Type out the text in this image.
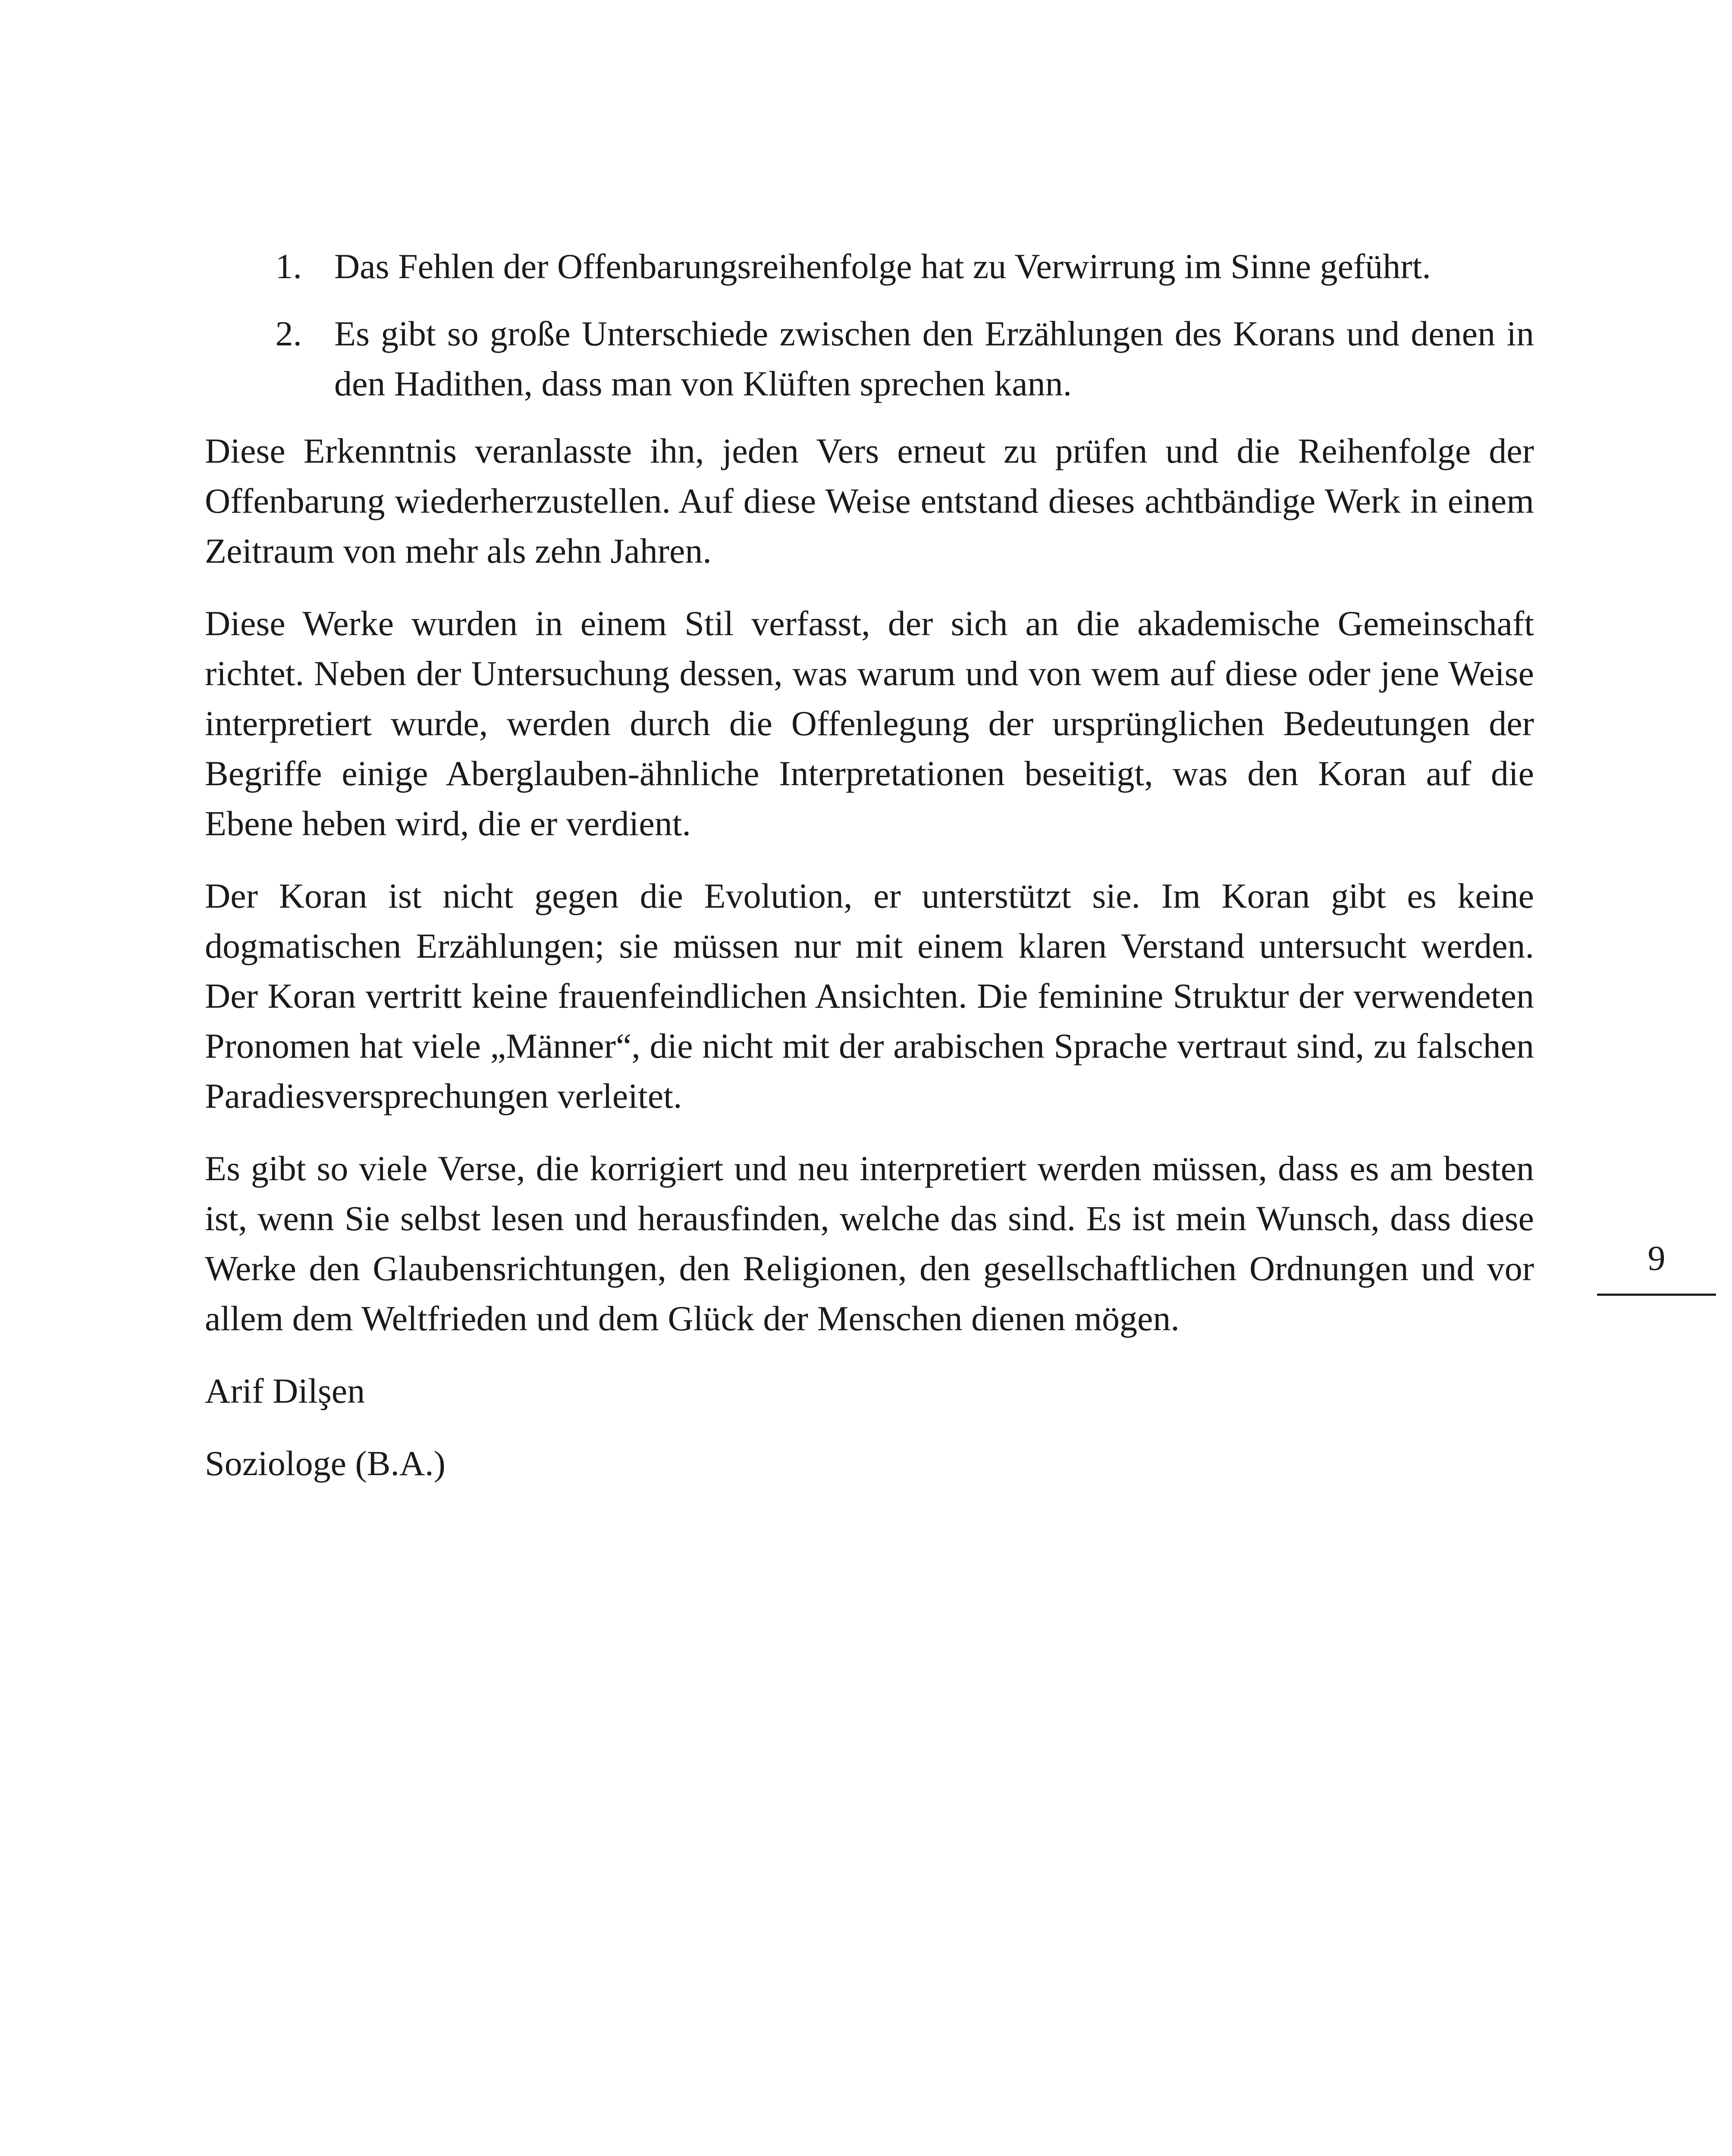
1. Das Fehlen der Offenbarungsreihenfolge hat zu Verwirrung im Sinne geführt.
2. Es gibt so große Unterschiede zwischen den Erzählungen des Korans und denen in den Hadithen, dass man von Klüften sprechen kann.

Diese Erkenntnis veranlasste ihn, jeden Vers erneut zu prüfen und die Reihenfolge der Offenbarung wiederherzustellen. Auf diese Weise entstand dieses achtbändige Werk in einem Zeitraum von mehr als zehn Jahren.

Diese Werke wurden in einem Stil verfasst, der sich an die akademische Gemeinschaft richtet. Neben der Untersuchung dessen, was warum und von wem auf diese oder jene Weise interpretiert wurde, werden durch die Offenlegung der ursprünglichen Bedeutungen der Begriffe einige Aberglauben-ähnliche Interpretationen beseitigt, was den Koran auf die Ebene heben wird, die er verdient.

Der Koran ist nicht gegen die Evolution, er unterstützt sie. Im Koran gibt es keine dogmatischen Erzählungen; sie müssen nur mit einem klaren Verstand untersucht werden. Der Koran vertritt keine frauenfeindlichen Ansichten. Die feminine Struktur der verwendeten Pronomen hat viele „Männer“, die nicht mit der arabischen Sprache vertraut sind, zu falschen Paradiesversprechungen verleitet.

Es gibt so viele Verse, die korrigiert und neu interpretiert werden müssen, dass es am besten ist, wenn Sie selbst lesen und herausfinden, welche das sind. Es ist mein Wunsch, dass diese Werke den Glaubensrichtungen, den Religionen, den gesellschaftlichen Ordnungen und vor allem dem Weltfrieden und dem Glück der Menschen dienen mögen.

Arif Dilşen

Soziologe (B.A.)

9
